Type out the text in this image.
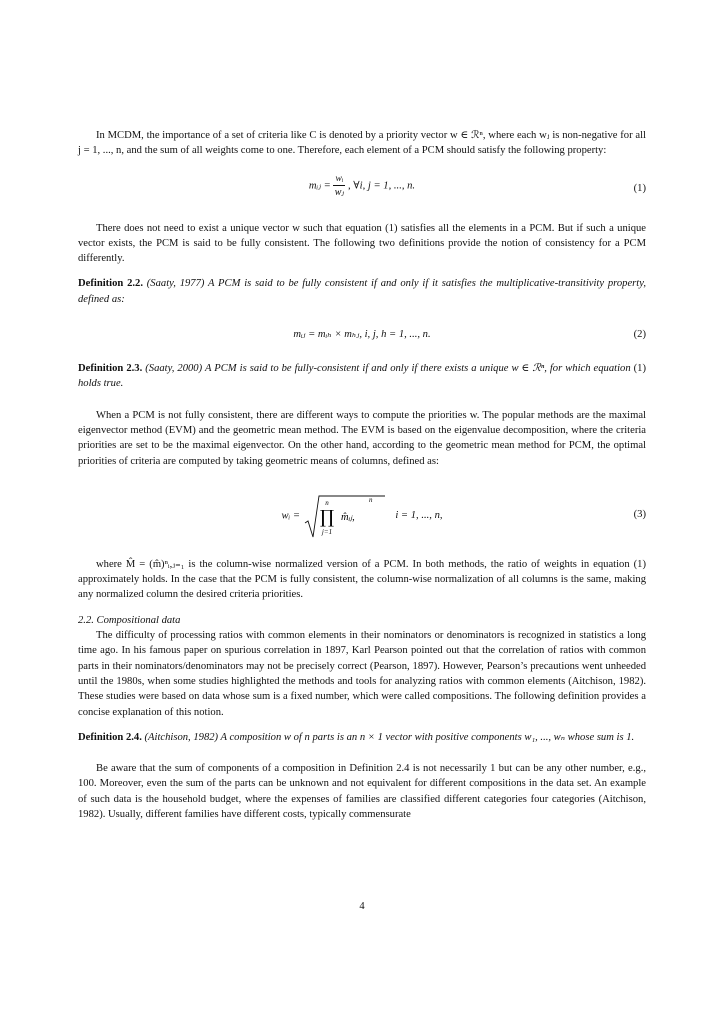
In MCDM, the importance of a set of criteria like C is denoted by a priority vector w ∈ ℛⁿ, where each wⱼ is non-negative for all j = 1, ..., n, and the sum of all weights come to one. Therefore, each element of a PCM should satisfy the following property:

mᵢⱼ = $\frac{\text{wᵢ}}{\text{wⱼ}}$ , ∀i, j = 1, ..., n.	(1)

There does not need to exist a unique vector w such that equation (1) satisfies all the elements in a PCM. But if such a unique vector exists, the PCM is said to be fully consistent. The following two definitions provide the notion of consistency for a PCM differently.

Definition 2.2. (Saaty, 1977) A PCM is said to be fully consistent if and only if it satisfies the multiplicative-transitivity property, defined as:

mᵢⱼ = mᵢₕ × mₕⱼ, i, j, h = 1, ..., n.	(2)

Definition 2.3. (Saaty, 2000) A PCM is said to be fully-consistent if and only if there exists a unique w ∈ ℛⁿ, for which equation (1) holds true.

When a PCM is not fully consistent, there are different ways to compute the priorities w. The popular methods are the maximal eigenvector method (EVM) and the geometric mean method. The EVM is based on the eigenvalue decomposition, where the criteria priorities are set to be the maximal eigenvector. On the other hand, according to the geometric mean method for PCM, the optimal priorities of criteria are computed by taking geometric means of columns, defined as:

wᵢ =
n
n
∏
j=1
m̂ᵢⱼ,	i = 1, ..., n,	(3)

where M̂ = (m̂)ⁿᵢ,ⱼ₌₁ is the column-wise normalized version of a PCM. In both methods, the ratio of weights in equation (1) approximately holds. In the case that the PCM is fully consistent, the column-wise normalization of all columns is the same, making any normalized column the desired criteria priorities.

2.2. Compositional data

The difficulty of processing ratios with common elements in their nominators or denominators is recognized in statistics a long time ago. In his famous paper on spurious correlation in 1897, Karl Pearson pointed out that the correlation of ratios with common parts in their nominators/denominators may not be precisely correct (Pearson, 1897). However, Pearson’s precautions went unheeded until the 1980s, when some studies highlighted the methods and tools for analyzing ratios with common elements (Aitchison, 1982). These studies were based on data whose sum is a fixed number, which were called compositions. The following definition provides a concise explanation of this notion.

Definition 2.4. (Aitchison, 1982) A composition w of n parts is an n × 1 vector with positive components w₁, ..., wₙ whose sum is 1.

Be aware that the sum of components of a composition in Definition 2.4 is not necessarily 1 but can be any other number, e.g., 100. Moreover, even the sum of the parts can be unknown and not equivalent for different compositions in the data set. An example of such data is the household budget, where the expenses of families are classified different categories four categories (Aitchison, 1982). Usually, different families have different costs, typically commensurate

4
